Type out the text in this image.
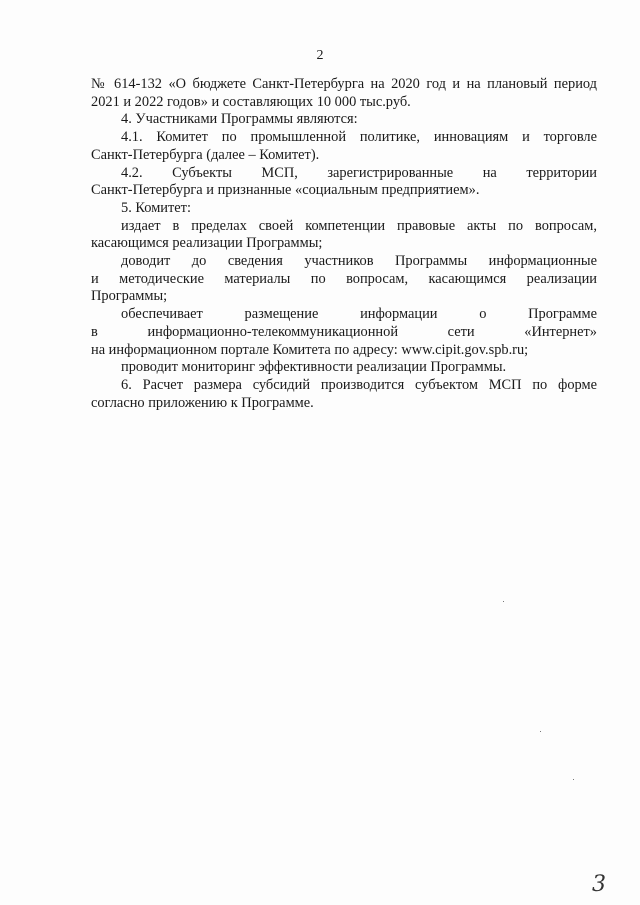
2

№ 614-132 «О бюджете Санкт-Петербурга на 2020 год и на плановый период
2021 и 2022 годов» и составляющих 10 000 тыс.руб.

4. Участниками Программы являются:

4.1. Комитет по промышленной политике, инновациям и торговле
Санкт-Петербурга (далее – Комитет).

4.2. Субъекты МСП, зарегистрированные на территории
Санкт-Петербурга и признанные «социальным предприятием».

5. Комитет:

издает в пределах своей компетенции правовые акты по вопросам,
касающимся реализации Программы;

доводит до сведения участников Программы информационные
и методические материалы по вопросам, касающимся реализации
Программы;

обеспечивает размещение информации о Программе
в информационно-телекоммуникационной сети «Интернет»
на информационном портале Комитета по адресу: www.cipit.gov.spb.ru;

проводит мониторинг эффективности реализации Программы.

6. Расчет размера субсидий производится субъектом МСП по форме
согласно приложению к Программе.

3
